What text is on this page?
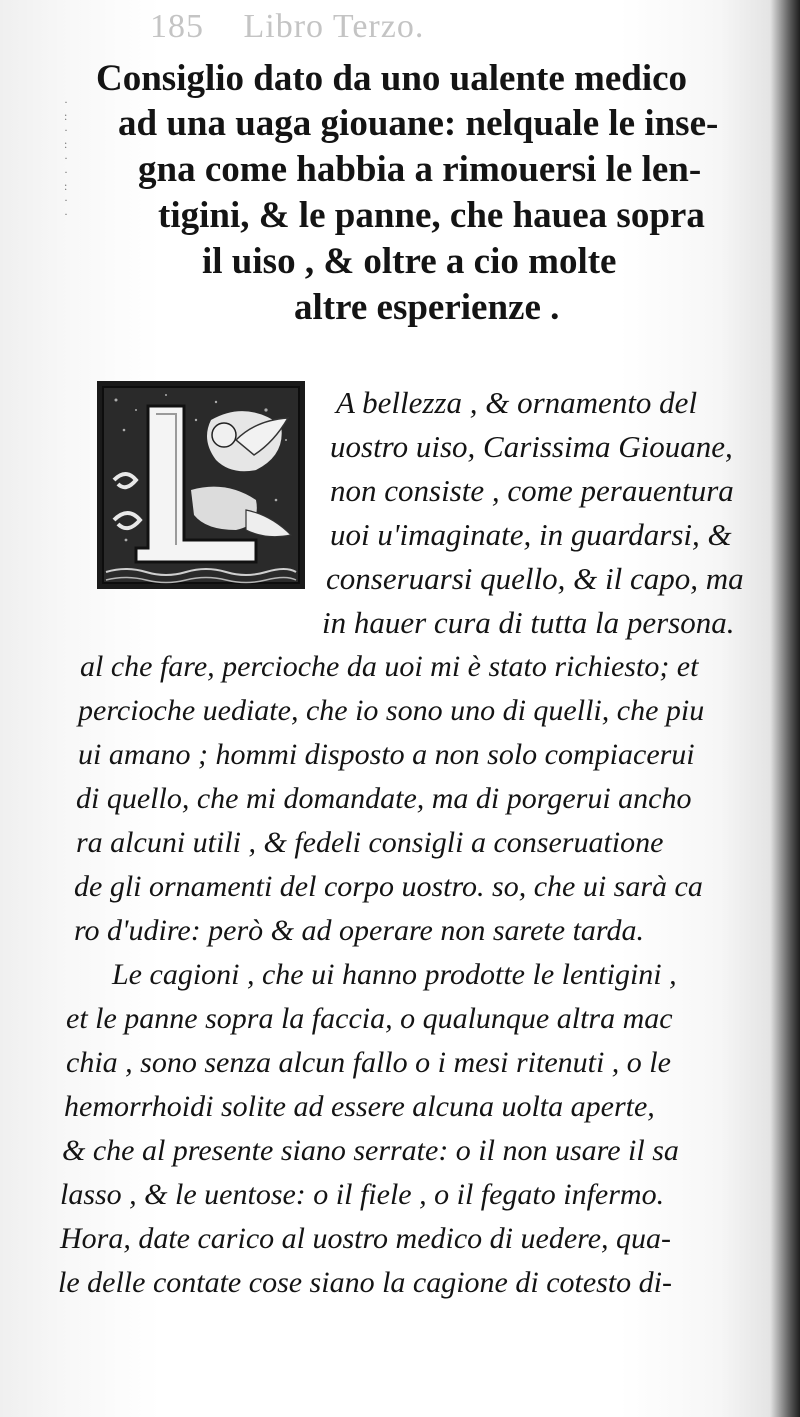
185 Libro Terzo.
·
:
·
:
·
·
:
·
·
Consiglio dato da uno ualente medico
ad una uaga giouane: nelquale le inse-
gna come habbia a rimouersi le len-
tigini, & le panne, che hauea sopra
il uiso , & oltre a cio molte
altre esperienze .
A bellezza , & ornamento del
uostro uiso, Carissima Giouane,
non consiste , come perauentura
uoi u'imaginate, in guardarsi, &
conseruarsi quello, & il capo, ma
in hauer cura di tutta la persona.
al che fare, percioche da uoi mi è stato richiesto; et
percioche uediate, che io sono uno di quelli, che piu
ui amano ; hommi disposto a non solo compiacerui
di quello, che mi domandate, ma di porgerui ancho
ra alcuni utili , & fedeli consigli a conseruatione
de gli ornamenti del corpo uostro. so, che ui sarà ca
ro d'udire: però & ad operare non sarete tarda.
Le cagioni , che ui hanno prodotte le lentigini ,
et le panne sopra la faccia, o qualunque altra mac
chia , sono senza alcun fallo o i mesi ritenuti , o le
hemorrhoidi solite ad essere alcuna uolta aperte,
& che al presente siano serrate: o il non usare il sa
lasso , & le uentose: o il fiele , o il fegato infermo.
Hora, date carico al uostro medico di uedere, qua-
le delle contate cose siano la cagione di cotesto di-
